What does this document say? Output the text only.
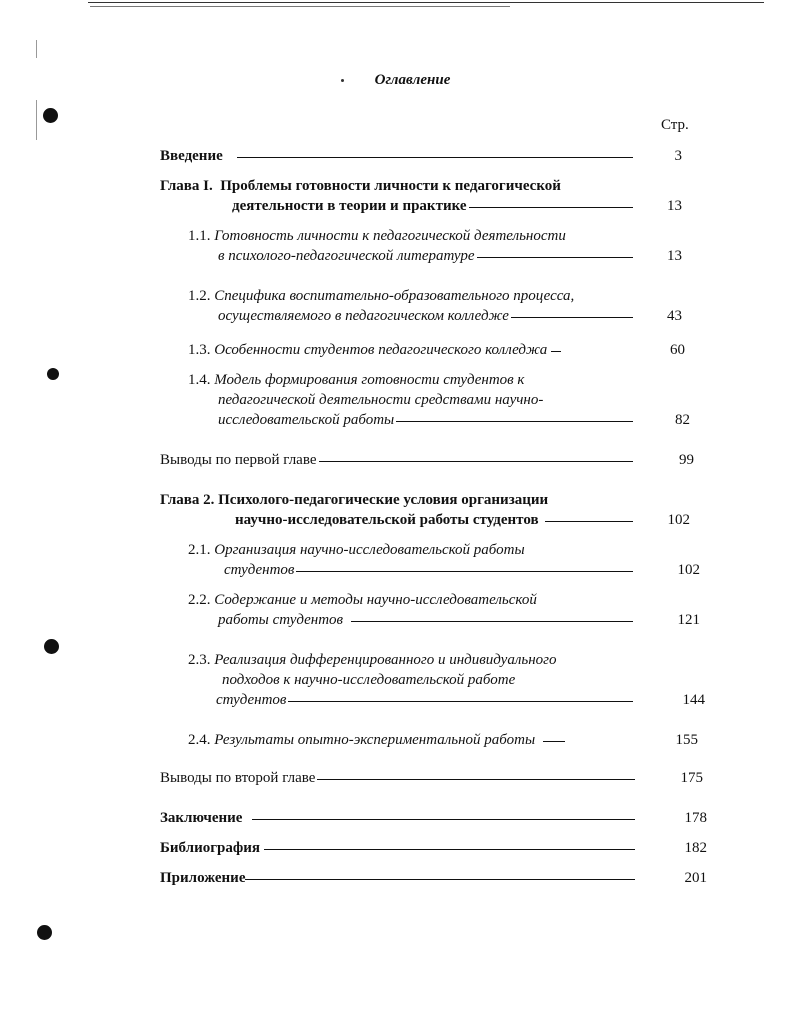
Оглавление
Стр.
Введение	3
Глава I. Проблемы готовности личности к педагогической
деятельности в теории и практике	13
1.1. Готовность личности к педагогической деятельности
в психолого-педагогической литературе	13
1.2. Специфика воспитательно-образовательного процесса,
осуществляемого в педагогическом колледже	43
1.3.
Особенности студентов педагогического колледжа	60
1.4. Модель формирования готовности студентов к
педагогической деятельности средствами научно-
исследовательской работы	82
Выводы по первой главе	99
Глава 2. Психолого-педагогические условия организации
научно-исследовательской работы студентов	102
2.1. Организация научно-исследовательской работы
студентов	102
2.2. Содержание и методы научно-исследовательской
работы студентов	121
2.3. Реализация дифференцированного и индивидуального
подходов к научно-исследовательской работе
студентов	144
2.4.
Результаты опытно-экспериментальной работы	155
Выводы по второй главе	175
Заключение	178
Библиография	182
Приложение	201
